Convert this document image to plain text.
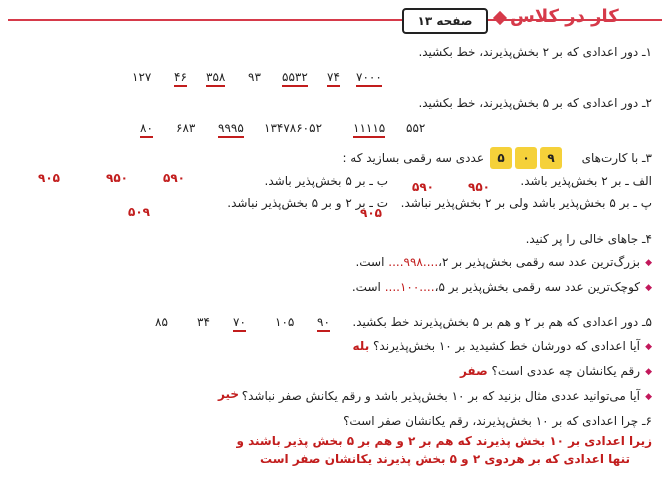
صفحه ۱۳	کار در کلاس
۱ـ دور اعدادی که بر ۲ بخش‌پذیرند، خط بکشید.
۷۰۰۰
۷۴
۵۵۳۲
۹۳
۳۵۸
۴۶
۱۲۷
۲ـ دور اعدادی که بر ۵ بخش‌پذیرند، خط بکشید.
۵۵۲
۱۱۱۱۵
۱۳۴۷۸۶۰۵۲
۹۹۹۵
۶۸۳
۸۰
۳ـ با کارت‌های
۹
۰
۵
عددی سه رقمی بسازید که :
الف ـ بر ۲ بخش‌پذیر باشد.
۹۵۰
۵۹۰
ب ـ بر ۵ بخش‌پذیر باشد.
۵۹۰
۹۵۰
۹۰۵
پ ـ بر ۵ بخش‌پذیر باشد ولی بر ۲ بخش‌پذیر نباشد.
۹۰۵
ت ـ بر ۲ و بر ۵ بخش‌پذیر نباشد.
۵۰۹
۴ـ جاهای خالی را پر کنید.
◆
بزرگ‌ترین عدد سه رقمی بخش‌پذیر بر ۲،....۹۹۸.... است.
◆
کوچک‌ترین عدد سه رقمی بخش‌پذیر بر ۵،....۱۰۰.... است.
۵ـ دور اعدادی که هم بر ۲ و هم بر ۵ بخش‌پذیرند خط بکشید.
۹۰
۱۰۵
۷۰
۳۴
۸۵
◆
آیا اعدادی که دورشان خط کشیدید بر ۱۰ بخش‌پذیرند؟ بله
◆
رقم یکانشان چه عددی است؟ صفر
◆
آیا می‌توانید عددی مثال بزنید که بر ۱۰ بخش‌پذیر باشد و رقم یکانش صفر نباشد؟
خیر
۶ـ چرا اعدادی که بر ۱۰ بخش‌پذیرند، رقم یکانشان صفر است؟
زیرا اعدادی بر ۱۰ بخش پذیرند که هم بر ۲ و هم بر ۵ بخش پذیر باشند و
تنها اعدادی که بر هردوی ۲ و ۵ بخش پذیرند یکانشان صفر است
